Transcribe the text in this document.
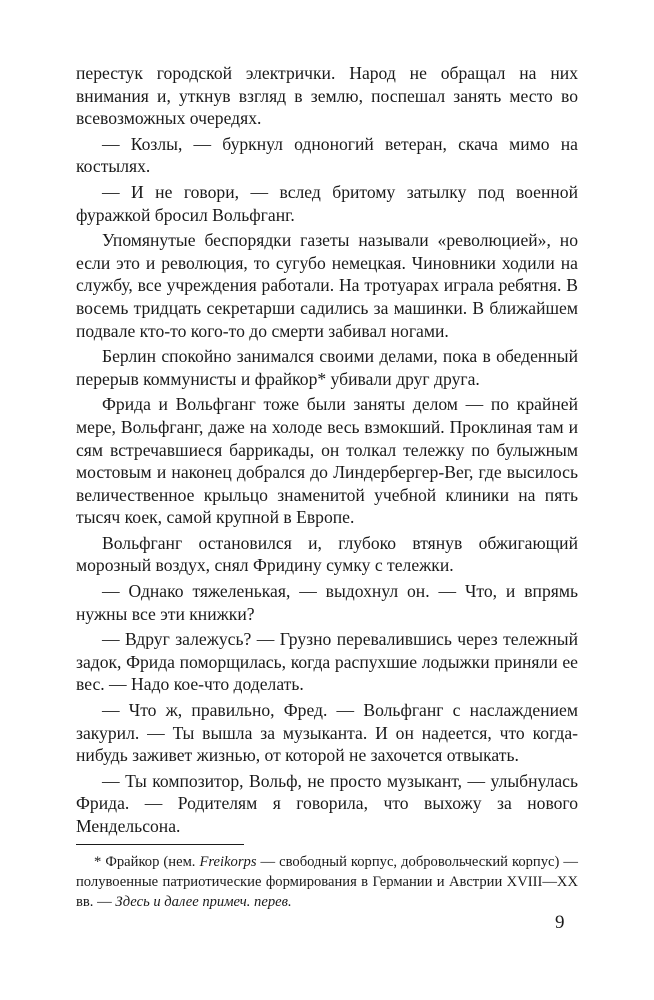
перестук городской электрички. Народ не обращал на них внимания и, уткнув взгляд в землю, поспешал занять место во всевозможных очередях.

— Козлы, — буркнул одноногий ветеран, скача мимо на костылях.

— И не говори, — вслед бритому затылку под военной фуражкой бросил Вольфганг.

Упомянутые беспорядки газеты называли «революцией», но если это и революция, то сугубо немецкая. Чиновники ходили на службу, все учреждения работали. На тротуарах играла ребятня. В восемь тридцать секретарши садились за машинки. В ближайшем подвале кто-то кого-то до смерти забивал ногами.

Берлин спокойно занимался своими делами, пока в обеденный перерыв коммунисты и фрайкор* убивали друг друга.

Фрида и Вольфганг тоже были заняты делом — по крайней мере, Вольфганг, даже на холоде весь взмокший. Проклиная там и сям встречавшиеся баррикады, он толкал тележку по булыжным мостовым и наконец добрался до Линдербергер-Вег, где высилось величественное крыльцо знаменитой учебной клиники на пять тысяч коек, самой крупной в Европе.

Вольфганг остановился и, глубоко втянув обжигающий морозный воздух, снял Фридину сумку с тележки.

— Однако тяжеленькая, — выдохнул он. — Что, и впрямь нужны все эти книжки?

— Вдруг залежусь? — Грузно перевалившись через тележный задок, Фрида поморщилась, когда распухшие лодыжки приняли ее вес. — Надо кое-что доделать.

— Что ж, правильно, Фред. — Вольфганг с наслаждением закурил. — Ты вышла за музыканта. И он надеется, что когда-нибудь заживет жизнью, от которой не захочется отвыкать.

— Ты композитор, Вольф, не просто музыкант, — улыбнулась Фрида. — Родителям я говорила, что выхожу за нового Мендельсона.

* Фрайкор (нем. Freikorps — свободный корпус, добровольческий корпус) — полувоенные патриотические формирования в Германии и Австрии XVIII—XX вв. — Здесь и далее примеч. перев.

9
